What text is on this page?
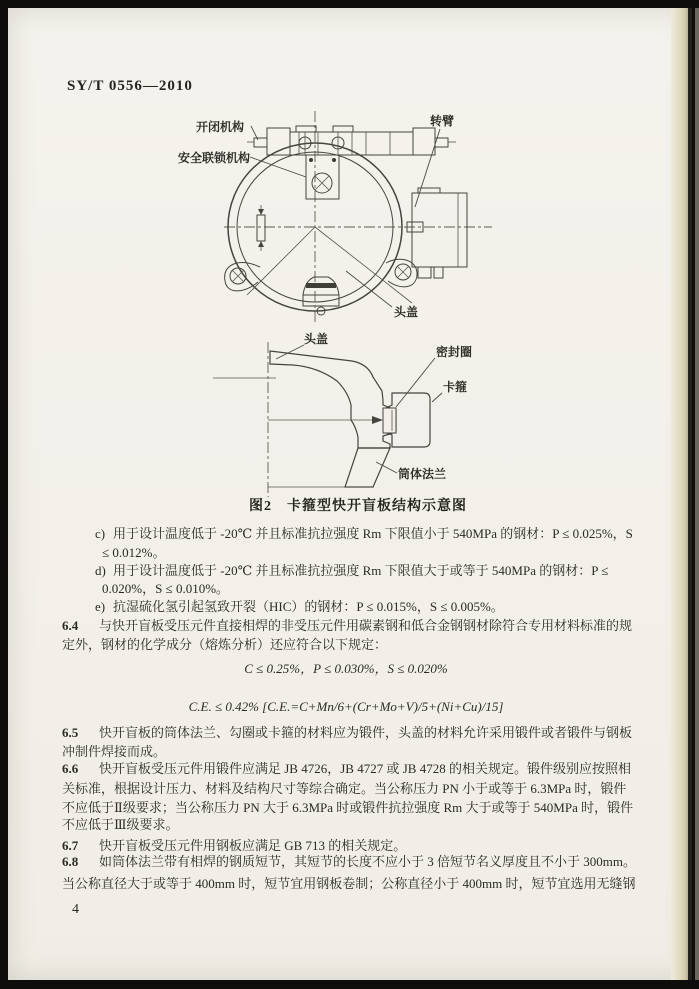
SY/T 0556—2010
开闭机构	转臂
安全联锁机构
头盖
头盖
密封圈
卡箍
筒体法兰
图2　卡箍型快开盲板结构示意图
c) 用于设计温度低于 -20℃ 并且标准抗拉强度 Rm 下限值小于 540MPa 的钢材：P ≤ 0.025%，S
≤ 0.012%。
d) 用于设计温度低于 -20℃ 并且标准抗拉强度 Rm 下限值大于或等于 540MPa 的钢材：P ≤
0.020%，S ≤ 0.010%。
e) 抗湿硫化氢引起氢致开裂（HIC）的钢材：P ≤ 0.015%，S ≤ 0.005%。
6.4 与快开盲板受压元件直接相焊的非受压元件用碳素钢和低合金钢钢材除符合专用材料标准的规
定外，钢材的化学成分（熔炼分析）还应符合以下规定：
C ≤ 0.25%，P ≤ 0.030%，S ≤ 0.020%
C.E. ≤ 0.42% [C.E.=C+Mn/6+(Cr+Mo+V)/5+(Ni+Cu)/15]
6.5 快开盲板的筒体法兰、勾圈或卡箍的材料应为锻件，头盖的材料允许采用锻件或者锻件与钢板
冲制件焊接而成。
6.6 快开盲板受压元件用锻件应满足 JB 4726，JB 4727 或 JB 4728 的相关规定。锻件级别应按照相
关标准，根据设计压力、材料及结构尺寸等综合确定。当公称压力 PN 小于或等于 6.3MPa 时，锻件
不应低于Ⅱ级要求；当公称压力 PN 大于 6.3MPa 时或锻件抗拉强度 Rm 大于或等于 540MPa 时，锻件
不应低于Ⅲ级要求。
6.7 快开盲板受压元件用钢板应满足 GB 713 的相关规定。
6.8 如筒体法兰带有相焊的钢质短节，其短节的长度不应小于 3 倍短节名义厚度且不小于 300mm。
当公称直径大于或等于 400mm 时，短节宜用钢板卷制；公称直径小于 400mm 时，短节宜选用无缝钢
4
